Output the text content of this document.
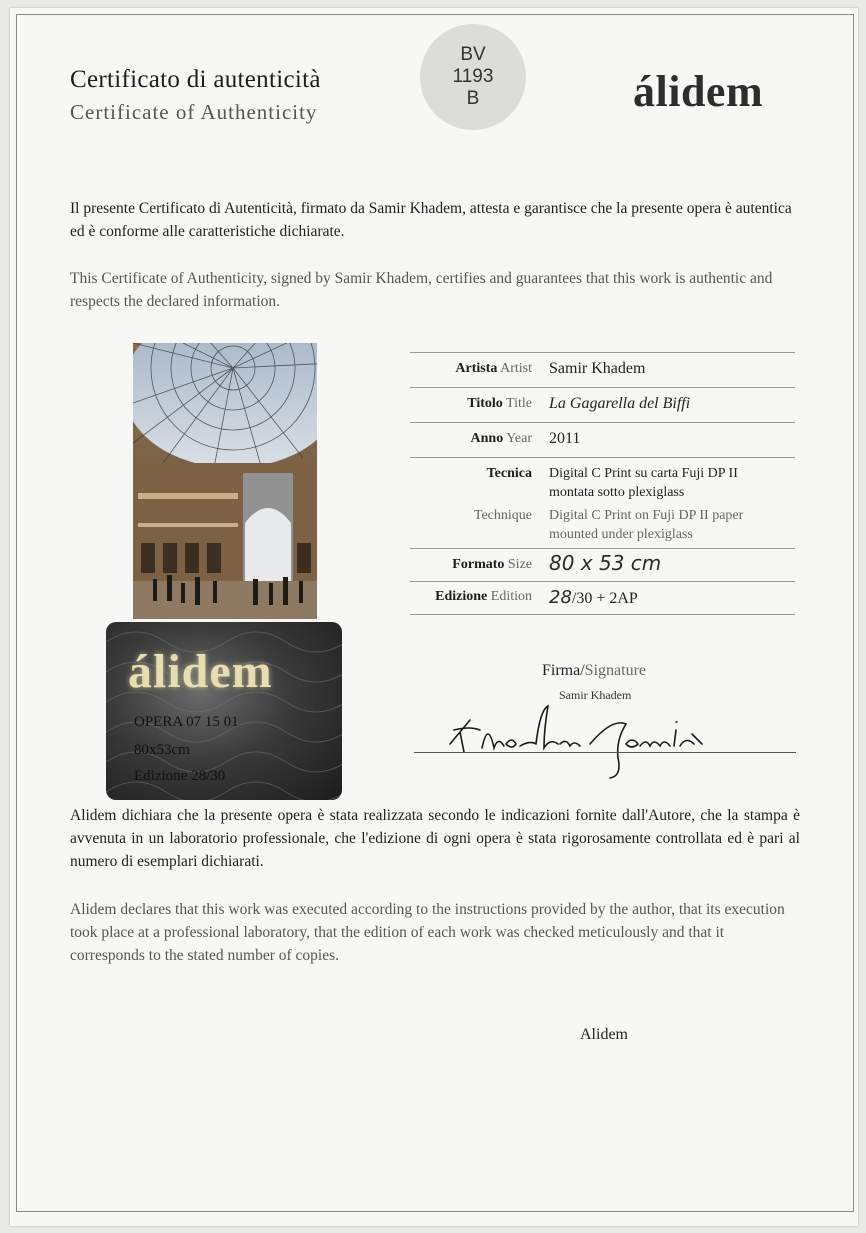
Certificato di autenticità
Certificate of Authenticity
BV
1193
B	álidem
Il presente Certificato di Autenticità, firmato da Samir Khadem, attesta e garantisce che la presente opera è autentica ed è conforme alle caratteristiche dichiarate.
This Certificate of Authenticity, signed by Samir Khadem, certifies and guarantees that this work is authentic and respects the declared information.
álidem
OPERA 07 15 01
80x53cm
Edizione 28/30
Artista Artist Samir Khadem
Titolo Title La Gagarella del Biffi
Anno Year 2011
Tecnica
Technique
Digital C Print su carta Fuji DP II
montata sotto plexiglass
Digital C Print on Fuji DP II paper
mounted under plexiglass
Formato Size 80 x 53 cm
Edizione Edition 28/30 + 2AP
Firma/Signature
Samir Khadem
Alidem dichiara che la presente opera è stata realizzata secondo le indicazioni fornite dall'Autore, che la stampa è avvenuta in un laboratorio professionale, che l'edizione di ogni opera è stata rigorosamente controllata ed è pari al numero di esemplari dichiarati.
Alidem declares that this work was executed according to the instructions provided by the author, that its execution took place at a professional laboratory, that the edition of each work was checked meticulously and that it corresponds to the stated number of copies.
Alidem
